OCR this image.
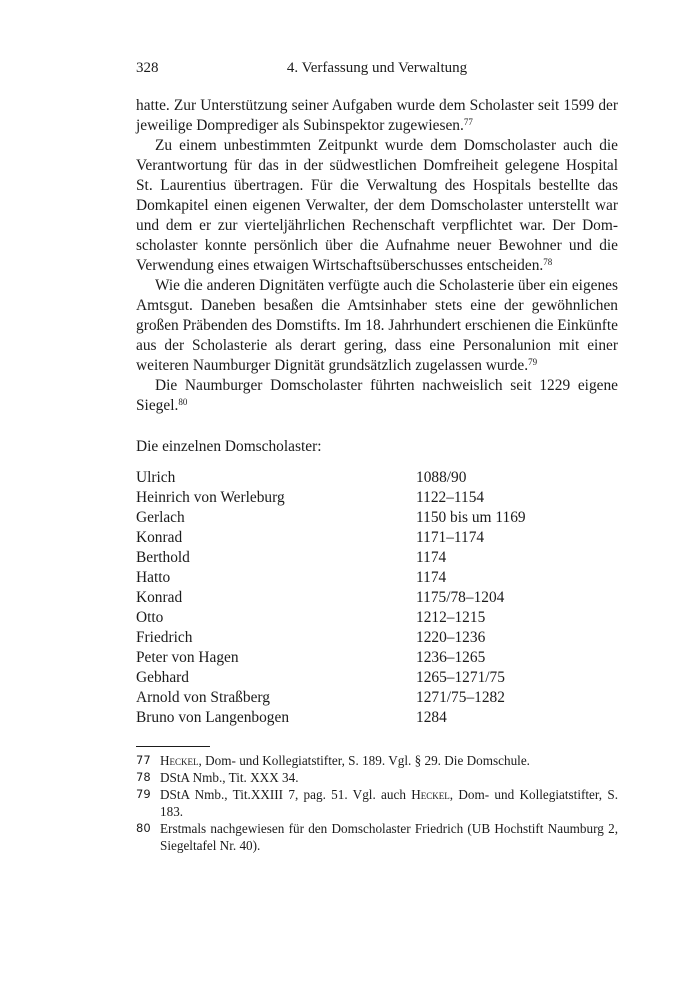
328	4. Verfassung und Verwaltung

hatte. Zur Unterstützung seiner Aufgaben wurde dem Scholaster seit 1599 der jeweilige Domprediger als Subinspektor zugewiesen.$^{77}$

Zu einem unbestimmten Zeitpunkt wurde dem Domscholaster auch die Verantwortung für das in der südwestlichen Domfreiheit gelegene Hospital St. Laurentius übertragen. Für die Verwaltung des Hospitals bestellte das Domkapitel einen eigenen Verwalter, der dem Domscholaster unterstellt war und dem er zur vierteljährlichen Rechenschaft verpflichtet war. Der Domscholaster konnte persönlich über die Aufnahme neuer Bewohner und die Verwendung eines etwaigen Wirtschaftsüberschusses entscheiden.$^{78}$

Wie die anderen Dignitäten verfügte auch die Scholasterie über ein eigenes Amtsgut. Daneben besaßen die Amtsinhaber stets eine der gewöhnlichen großen Präbenden des Domstifts. Im 18. Jahrhundert erschienen die Einkünfte aus der Scholasterie als derart gering, dass eine Personalunion mit einer weiteren Naumburger Dignität grundsätzlich zugelassen wurde.$^{79}$

Die Naumburger Domscholaster führten nachweislich seit 1229 eigene Siegel.$^{80}$

Die einzelnen Domscholaster:
Ulrich	1088/90
Heinrich von Werleburg	1122–1154
Gerlach	1150 bis um 1169
Konrad	1171–1174
Berthold	1174
Hatto	1174
Konrad	1175/78–1204
Otto	1212–1215
Friedrich	1220–1236
Peter von Hagen	1236–1265
Gebhard	1265–1271/75
Arnold von Straßberg	1271/75–1282
Bruno von Langenbogen	1284
77 Heckel, Dom- und Kollegiatstifter, S. 189. Vgl. § 29. Die Domschule.
78 DStA Nmb., Tit. XXX 34.
79 DStA Nmb., Tit.XXIII 7, pag. 51. Vgl. auch Heckel, Dom- und Kollegiatstifter, S. 183.
80 Erstmals nachgewiesen für den Domscholaster Friedrich (UB Hochstift Naumburg 2, Siegeltafel Nr. 40).
